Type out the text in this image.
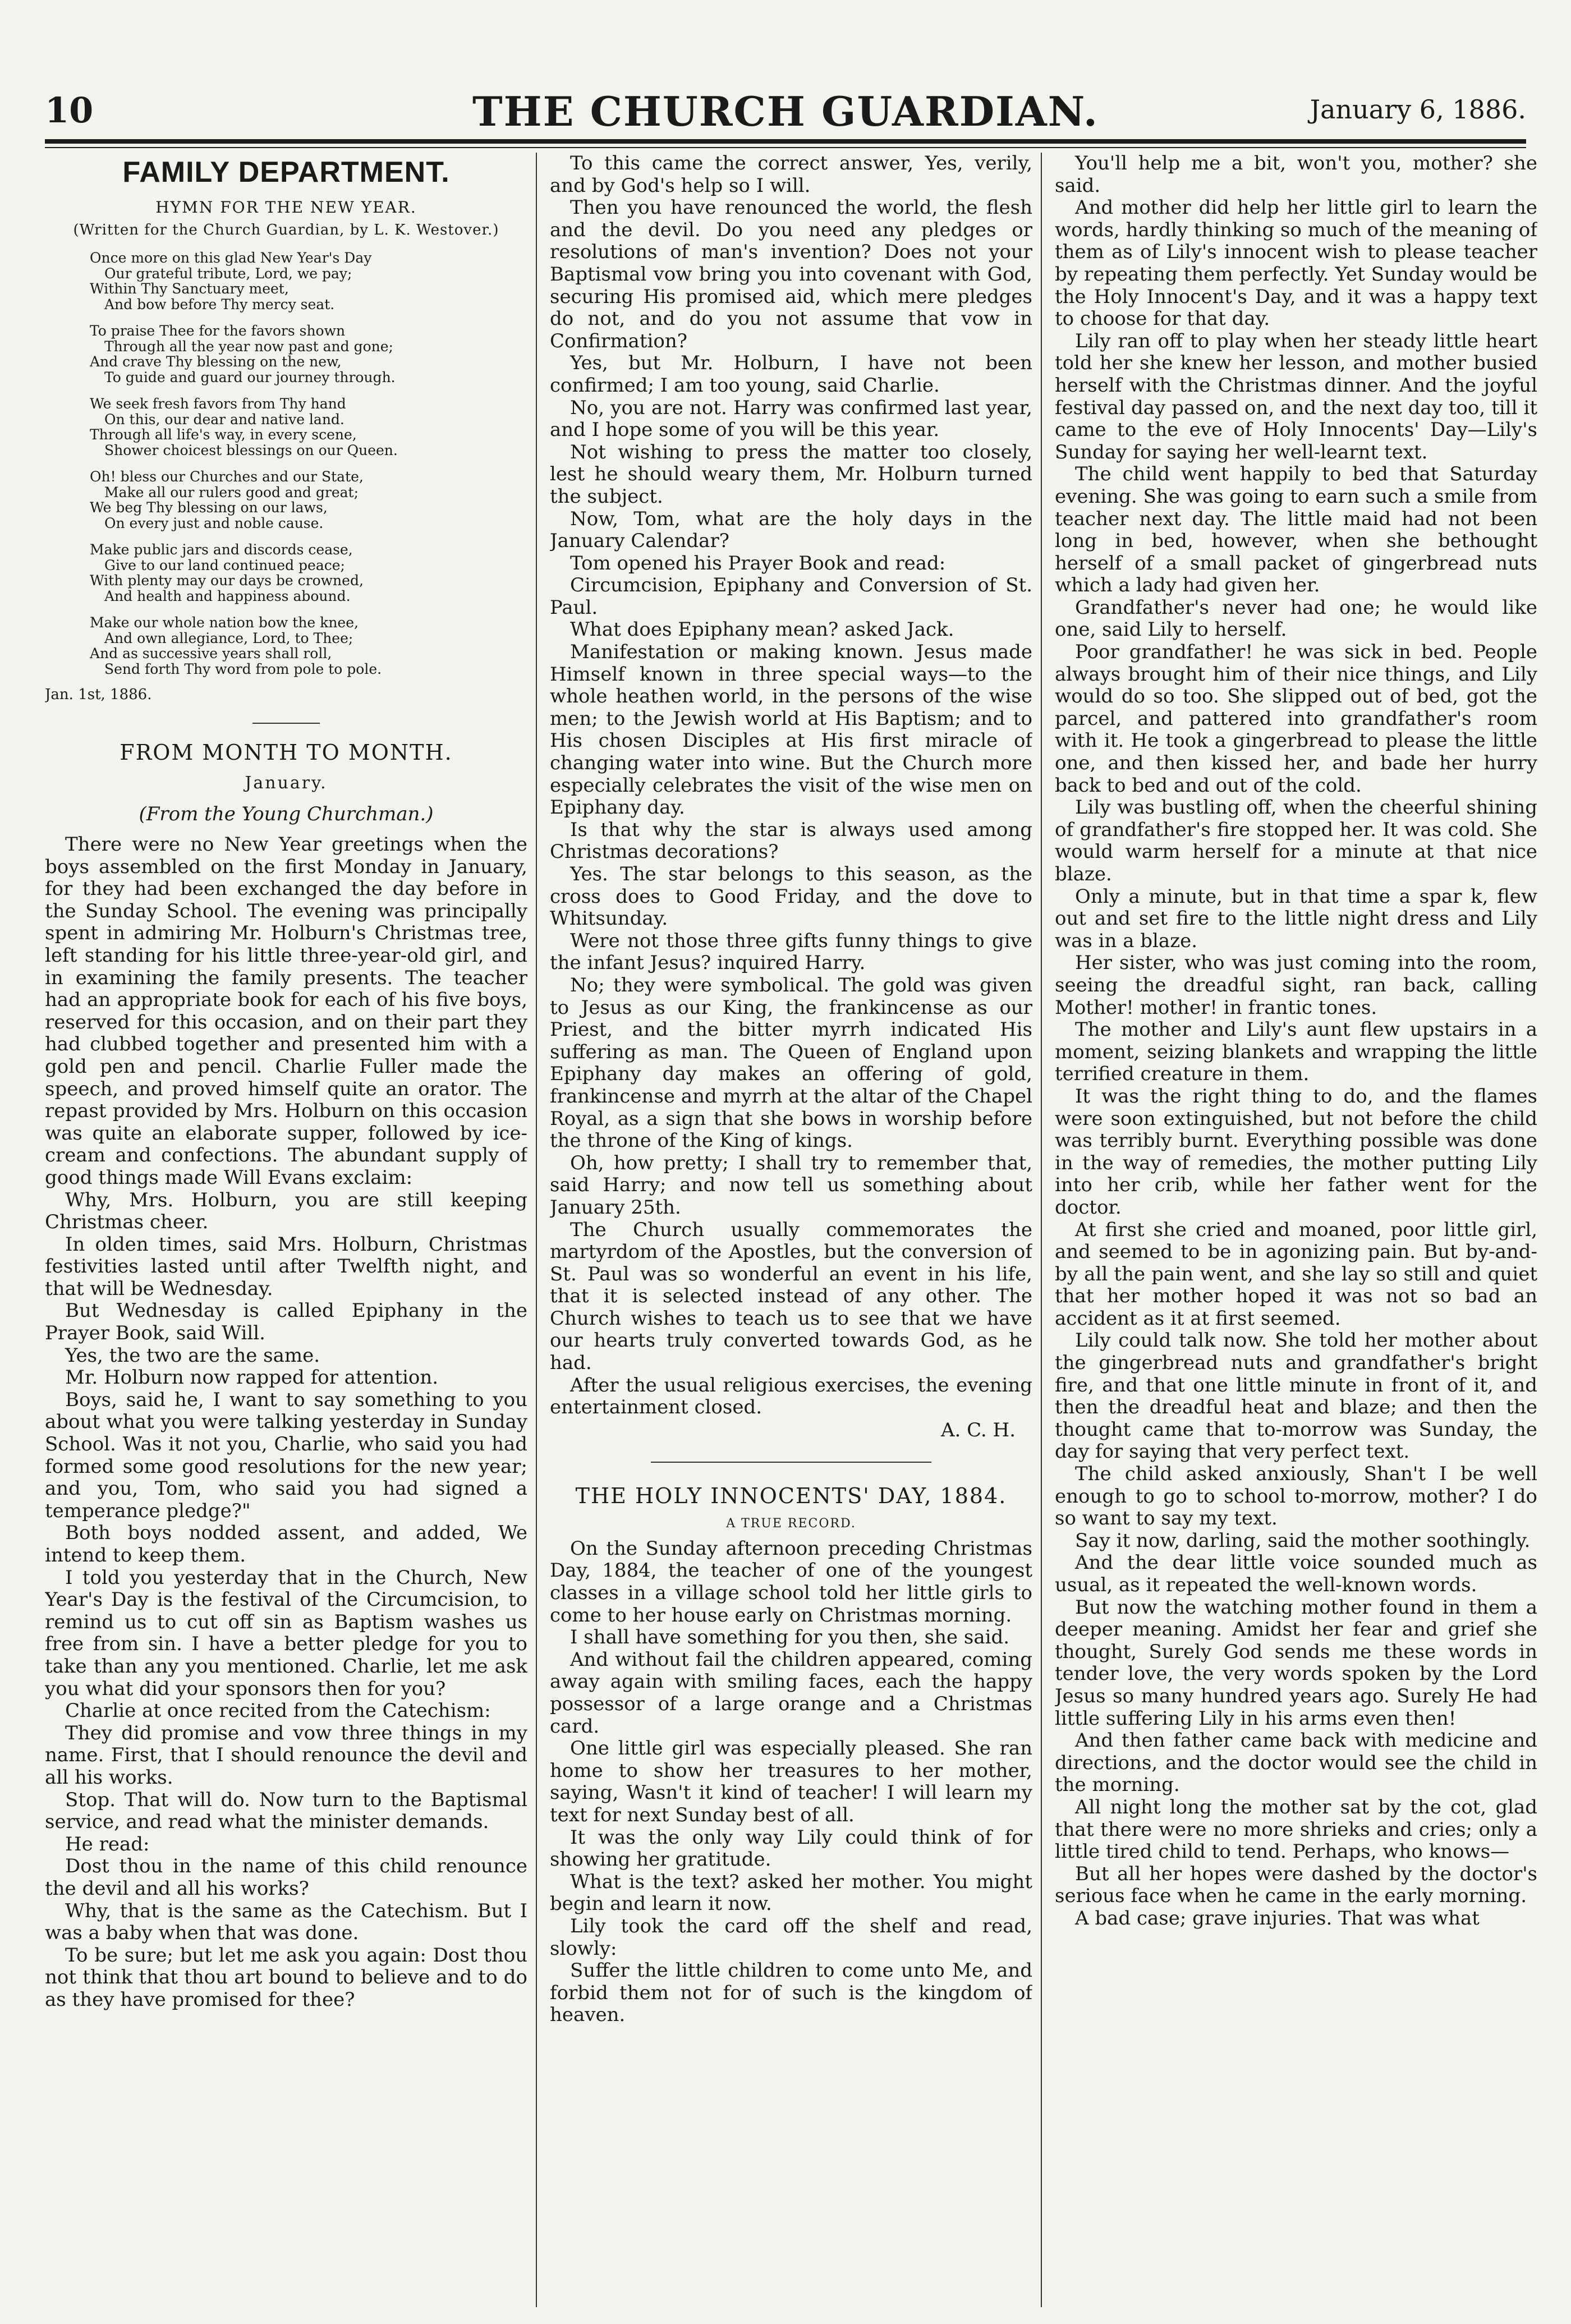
10	THE CHURCH GUARDIAN.	January 6, 1886.
FAMILY DEPARTMENT.
HYMN FOR THE NEW YEAR.
(Written for the Church Guardian, by L. K. Westover.)
Once more on this glad New Year's Day
Our grateful tribute, Lord, we pay;
Within Thy Sanctuary meet,
And bow before Thy mercy seat.
To praise Thee for the favors shown
Through all the year now past and gone;
And crave Thy blessing on the new,
To guide and guard our journey through.
We seek fresh favors from Thy hand
On this, our dear and native land.
Through all life's way, in every scene,
Shower choicest blessings on our Queen.
Oh! bless our Churches and our State,
Make all our rulers good and great;
We beg Thy blessing on our laws,
On every just and noble cause.
Make public jars and discords cease,
Give to our land continued peace;
With plenty may our days be crowned,
And health and happiness abound.
Make our whole nation bow the knee,
And own allegiance, Lord, to Thee;
And as successive years shall roll,
Send forth Thy word from pole to pole.
Jan. 1st, 1886.
FROM MONTH TO MONTH.
January.
(From the Young Churchman.)

There were no New Year greetings when the boys assembled on the first Monday in January, for they had been exchanged the day before in the Sunday School. The evening was principally spent in admiring Mr. Holburn's Christmas tree, left standing for his little three-year-old girl, and in examining the family presents. The teacher had an appropriate book for each of his five boys, reserved for this occasion, and on their part they had clubbed together and presented him with a gold pen and pencil. Charlie Fuller made the speech, and proved himself quite an orator. The repast provided by Mrs. Holburn on this occasion was quite an elaborate supper, followed by ice-cream and confections. The abundant supply of good things made Will Evans exclaim:

Why, Mrs. Holburn, you are still keeping Christmas cheer.

In olden times, said Mrs. Holburn, Christmas festivities lasted until after Twelfth night, and that will be Wednesday.

But Wednesday is called Epiphany in the Prayer Book, said Will.

Yes, the two are the same.

Mr. Holburn now rapped for attention.

Boys, said he, I want to say something to you about what you were talking yesterday in Sunday School. Was it not you, Charlie, who said you had formed some good resolutions for the new year; and you, Tom, who said you had signed a temperance pledge?"

Both boys nodded assent, and added, We intend to keep them.

I told you yesterday that in the Church, New Year's Day is the festival of the Circumcision, to remind us to cut off sin as Baptism washes us free from sin. I have a better pledge for you to take than any you mentioned. Charlie, let me ask you what did your sponsors then for you?

Charlie at once recited from the Catechism:

They did promise and vow three things in my name. First, that I should renounce the devil and all his works.

Stop. That will do. Now turn to the Baptismal service, and read what the minister demands.

He read:

Dost thou in the name of this child renounce the devil and all his works?

Why, that is the same as the Catechism. But I was a baby when that was done.

To be sure; but let me ask you again: Dost thou not think that thou art bound to believe and to do as they have promised for thee?

To this came the correct answer, Yes, verily, and by God's help so I will.

Then you have renounced the world, the flesh and the devil. Do you need any pledges or resolutions of man's invention? Does not your Baptismal vow bring you into covenant with God, securing His promised aid, which mere pledges do not, and do you not assume that vow in Confirmation?

Yes, but Mr. Holburn, I have not been confirmed; I am too young, said Charlie.

No, you are not. Harry was confirmed last year, and I hope some of you will be this year.

Not wishing to press the matter too closely, lest he should weary them, Mr. Holburn turned the subject.

Now, Tom, what are the holy days in the January Calendar?

Tom opened his Prayer Book and read:

Circumcision, Epiphany and Conversion of St. Paul.

What does Epiphany mean? asked Jack.

Manifestation or making known. Jesus made Himself known in three special ways—to the whole heathen world, in the persons of the wise men; to the Jewish world at His Baptism; and to His chosen Disciples at His first miracle of changing water into wine. But the Church more especially celebrates the visit of the wise men on Epiphany day.

Is that why the star is always used among Christmas decorations?

Yes. The star belongs to this season, as the cross does to Good Friday, and the dove to Whitsunday.

Were not those three gifts funny things to give the infant Jesus? inquired Harry.

No; they were symbolical. The gold was given to Jesus as our King, the frankincense as our Priest, and the bitter myrrh indicated His suffering as man. The Queen of England upon Epiphany day makes an offering of gold, frankincense and myrrh at the altar of the Chapel Royal, as a sign that she bows in worship before the throne of the King of kings.

Oh, how pretty; I shall try to remember that, said Harry; and now tell us something about January 25th.

The Church usually commemorates the martyrdom of the Apostles, but the conversion of St. Paul was so wonderful an event in his life, that it is selected instead of any other. The Church wishes to teach us to see that we have our hearts truly converted towards God, as he had.

After the usual religious exercises, the evening entertainment closed.

A. C. H.
THE HOLY INNOCENTS' DAY, 1884.
A TRUE RECORD.

On the Sunday afternoon preceding Christmas Day, 1884, the teacher of one of the youngest classes in a village school told her little girls to come to her house early on Christmas morning.

I shall have something for you then, she said.

And without fail the children appeared, coming away again with smiling faces, each the happy possessor of a large orange and a Christmas card.

One little girl was especially pleased. She ran home to show her treasures to her mother, saying, Wasn't it kind of teacher! I will learn my text for next Sunday best of all.

It was the only way Lily could think of for showing her gratitude.

What is the text? asked her mother. You might begin and learn it now.

Lily took the card off the shelf and read, slowly:

Suffer the little children to come unto Me, and forbid them not for of such is the kingdom of heaven.

You'll help me a bit, won't you, mother? she said.

And mother did help her little girl to learn the words, hardly thinking so much of the meaning of them as of Lily's innocent wish to please teacher by repeating them perfectly. Yet Sunday would be the Holy Innocent's Day, and it was a happy text to choose for that day.

Lily ran off to play when her steady little heart told her she knew her lesson, and mother busied herself with the Christmas dinner. And the joyful festival day passed on, and the next day too, till it came to the eve of Holy Innocents' Day—Lily's Sunday for saying her well-learnt text.

The child went happily to bed that Saturday evening. She was going to earn such a smile from teacher next day. The little maid had not been long in bed, however, when she bethought herself of a small packet of gingerbread nuts which a lady had given her.

Grandfather's never had one; he would like one, said Lily to herself.

Poor grandfather! he was sick in bed. People always brought him of their nice things, and Lily would do so too. She slipped out of bed, got the parcel, and pattered into grandfather's room with it. He took a gingerbread to please the little one, and then kissed her, and bade her hurry back to bed and out of the cold.

Lily was bustling off, when the cheerful shining of grandfather's fire stopped her. It was cold. She would warm herself for a minute at that nice blaze.

Only a minute, but in that time a spar k, flew out and set fire to the little night dress and Lily was in a blaze.

Her sister, who was just coming into the room, seeing the dreadful sight, ran back, calling Mother! mother! in frantic tones.

The mother and Lily's aunt flew upstairs in a moment, seizing blankets and wrapping the little terrified creature in them.

It was the right thing to do, and the flames were soon extinguished, but not before the child was terribly burnt. Everything possible was done in the way of remedies, the mother putting Lily into her crib, while her father went for the doctor.

At first she cried and moaned, poor little girl, and seemed to be in agonizing pain. But by-and-by all the pain went, and she lay so still and quiet that her mother hoped it was not so bad an accident as it at first seemed.

Lily could talk now. She told her mother about the gingerbread nuts and grandfather's bright fire, and that one little minute in front of it, and then the dreadful heat and blaze; and then the thought came that to-morrow was Sunday, the day for saying that very perfect text.

The child asked anxiously, Shan't I be well enough to go to school to-morrow, mother? I do so want to say my text.

Say it now, darling, said the mother soothingly.

And the dear little voice sounded much as usual, as it repeated the well-known words.

But now the watching mother found in them a deeper meaning. Amidst her fear and grief she thought, Surely God sends me these words in tender love, the very words spoken by the Lord Jesus so many hundred years ago. Surely He had little suffering Lily in his arms even then!

And then father came back with medicine and directions, and the doctor would see the child in the morning.

All night long the mother sat by the cot, glad that there were no more shrieks and cries; only a little tired child to tend. Perhaps, who knows—

But all her hopes were dashed by the doctor's serious face when he came in the early morning.

A bad case; grave injuries. That was what
